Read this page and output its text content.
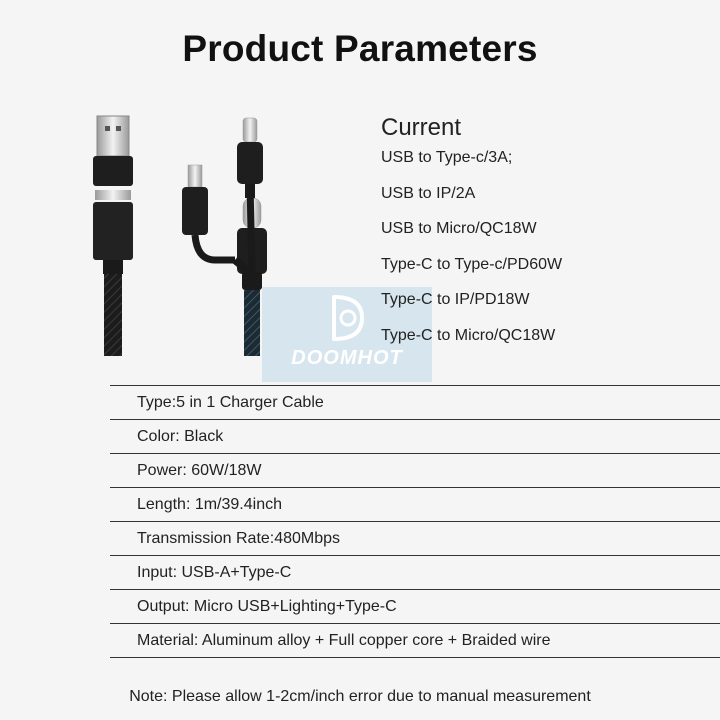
Product Parameters
DOOMHOT
Current
USB to Type-c/3A;
USB to IP/2A
USB to Micro/QC18W
Type-C to Type-c/PD60W
Type-C to IP/PD18W
Type-C to Micro/QC18W
Type:5 in 1 Charger Cable
Color: Black
Power: 60W/18W
Length: 1m/39.4inch
Transmission Rate:480Mbps
Input: USB-A+Type-C
Output: Micro USB+Lighting+Type-C
Material: Aluminum alloy + Full copper core + Braided wire
Note: Please allow 1-2cm/inch error due to manual measurement
